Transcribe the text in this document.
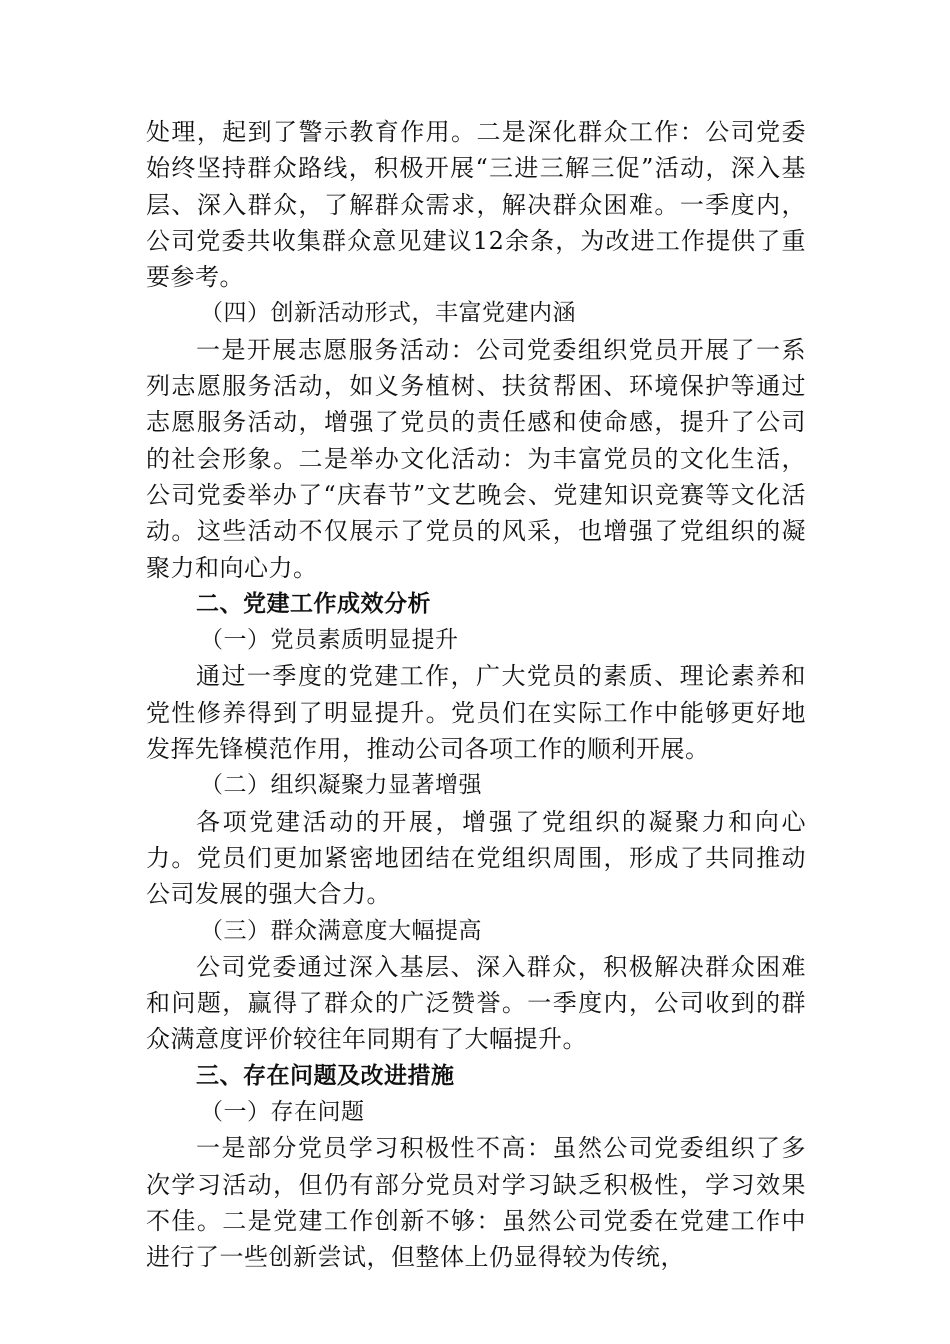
处理，起到了警示教育作用。二是深化群众工作：公司党委始终坚持群众路线，积极开展“三进三解三促”活动，深入基层、深入群众，了解群众需求，解决群众困难。一季度内，公司党委共收集群众意见建议12余条，为改进工作提供了重要参考。

（四）创新活动形式，丰富党建内涵

一是开展志愿服务活动：公司党委组织党员开展了一系列志愿服务活动，如义务植树、扶贫帮困、环境保护等通过志愿服务活动，增强了党员的责任感和使命感，提升了公司的社会形象。二是举办文化活动：为丰富党员的文化生活，公司党委举办了“庆春节”文艺晚会、党建知识竞赛等文化活动。这些活动不仅展示了党员的风采，也增强了党组织的凝聚力和向心力。

二、党建工作成效分析

（一）党员素质明显提升

通过一季度的党建工作，广大党员的素质、理论素养和党性修养得到了明显提升。党员们在实际工作中能够更好地发挥先锋模范作用，推动公司各项工作的顺利开展。

（二）组织凝聚力显著增强

各项党建活动的开展，增强了党组织的凝聚力和向心力。党员们更加紧密地团结在党组织周围，形成了共同推动公司发展的强大合力。

（三）群众满意度大幅提高

公司党委通过深入基层、深入群众，积极解决群众困难和问题，赢得了群众的广泛赞誉。一季度内，公司收到的群众满意度评价较往年同期有了大幅提升。

三、存在问题及改进措施

（一）存在问题

一是部分党员学习积极性不高：虽然公司党委组织了多次学习活动，但仍有部分党员对学习缺乏积极性，学习效果不佳。二是党建工作创新不够：虽然公司党委在党建工作中进行了一些创新尝试，但整体上仍显得较为传统，
